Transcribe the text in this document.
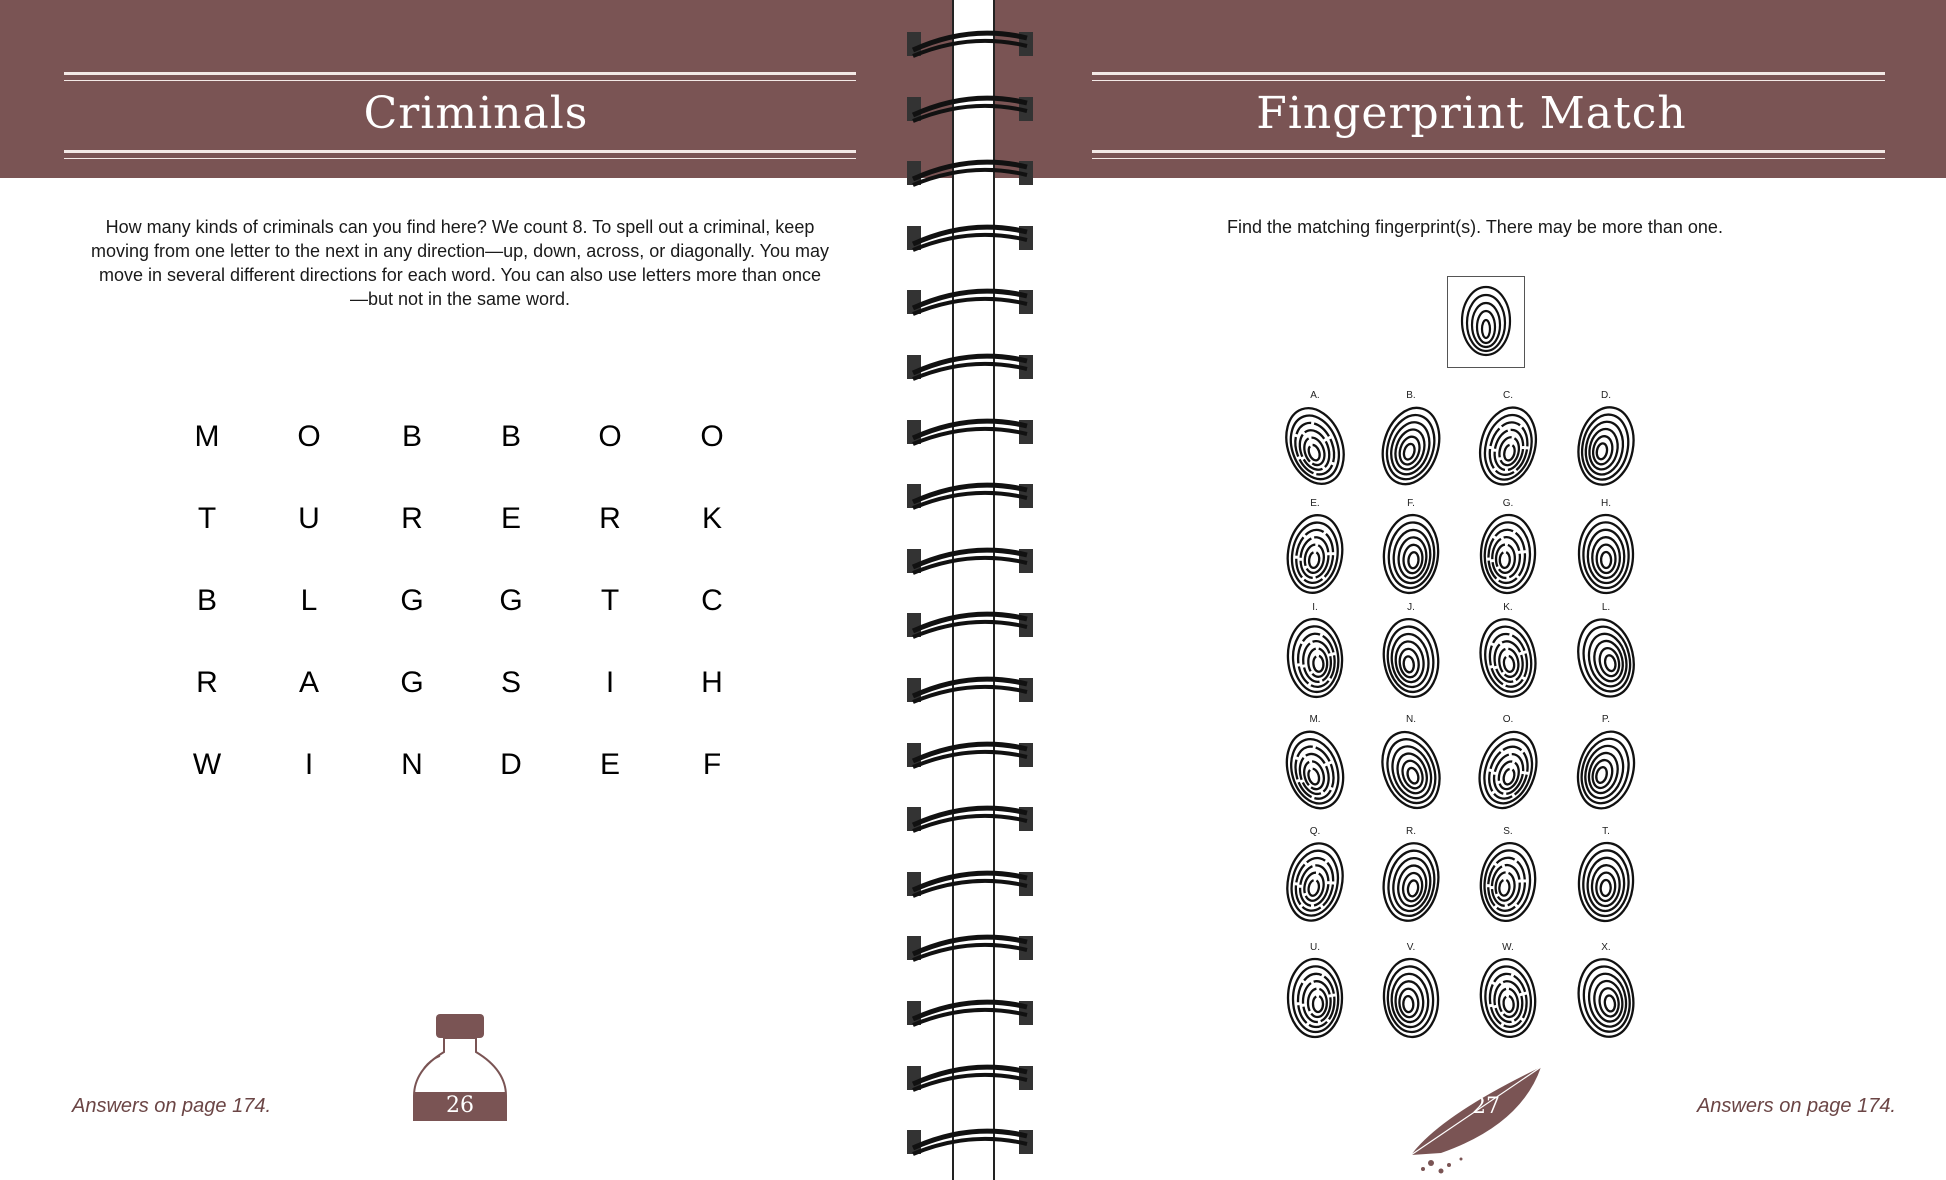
Criminals
How many kinds of criminals can you find here? We count 8. To spell out a criminal, keep moving from one letter to the next in any direction—up, down, across, or diagonally. You may move in several different directions for each word. You can also use letters more than once—but not in the same word.
M	O	B	B	O	O
T	U	R	E	R	K
B	L	G	G	T	C
R	A	G	S	I	H
W	I	N	D	E	F
Answers on page 174.	26
Fingerprint Match
Find the matching fingerprint(s). There may be more than one.
A.	B.	C.	D.
E.	F.	G.	H.
I.	J.	K.	L.
M.	N.	O.	P.
Q.	R.	S.	T.
U.	V.	W.	X.
27	Answers on page 174.
